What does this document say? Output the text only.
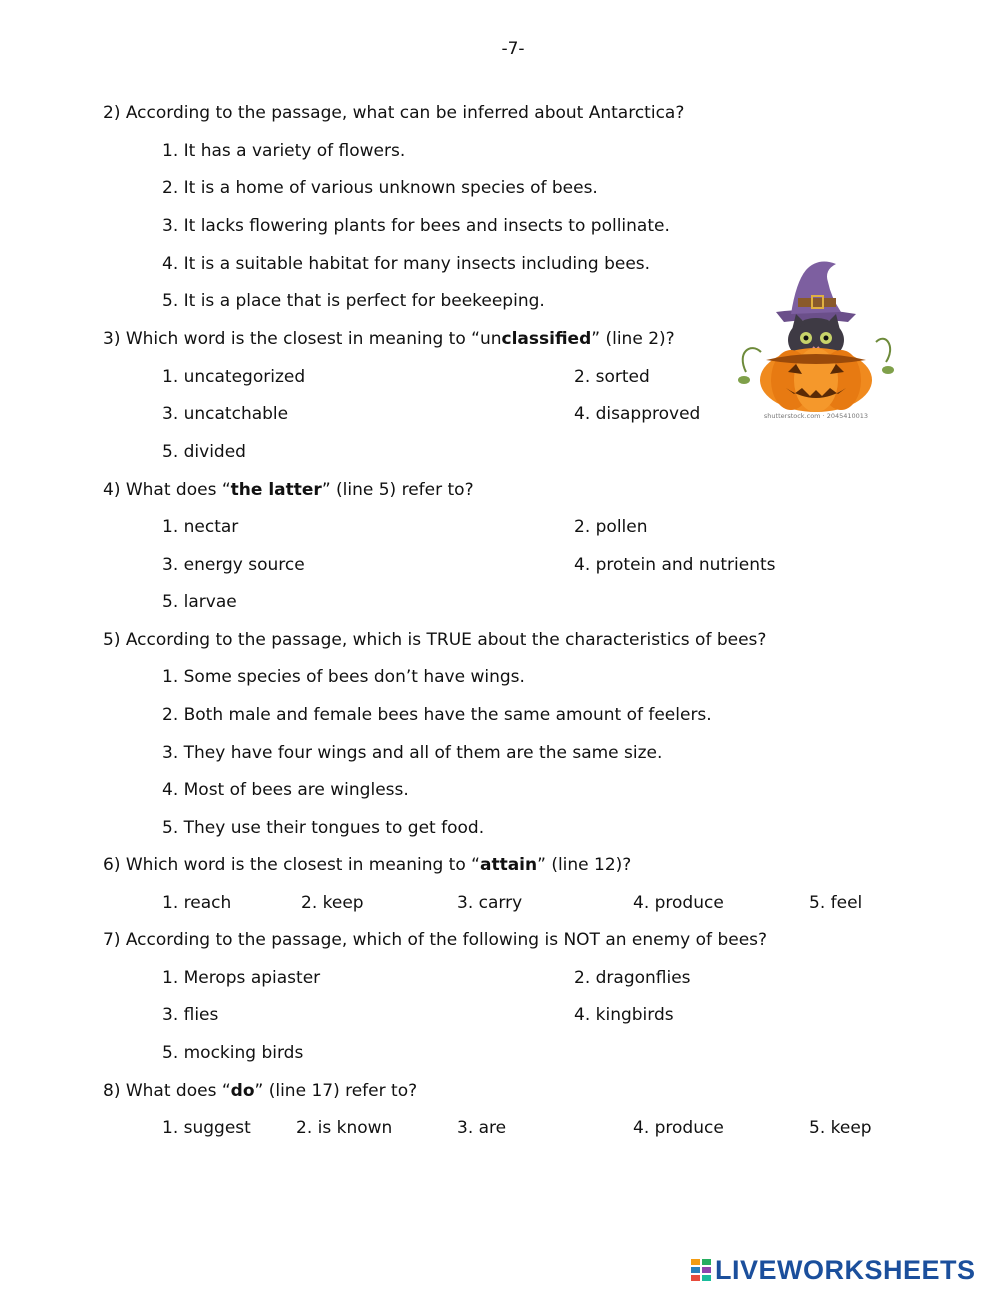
-7-
2) According to the passage, what can be inferred about Antarctica?
1. It has a variety of flowers.
2. It is a home of various unknown species of bees.
3. It lacks flowering plants for bees and insects to pollinate.
4. It is a suitable habitat for many insects including bees.
5. It is a place that is perfect for beekeeping.
3) Which word is the closest in meaning to “unclassified” (line 2)?
1. uncategorized	2. sorted
3. uncatchable	4. disapproved
5. divided
4) What does “the latter” (line 5) refer to?
1. nectar	2. pollen
3. energy source	4. protein and nutrients
5. larvae
5) According to the passage, which is TRUE about the characteristics of bees?
1. Some species of bees don’t have wings.
2. Both male and female bees have the same amount of feelers.
3. They have four wings and all of them are the same size.
4. Most of bees are wingless.
5. They use their tongues to get food.
6) Which word is the closest in meaning to “attain” (line 12)?
1. reach	2. keep	3. carry	4. produce	5. feel
7) According to the passage, which of the following is NOT an enemy of bees?
1. Merops apiaster	2. dragonflies
3. flies	4. kingbirds
5. mocking birds
8) What does “do” (line 17) refer to?
1. suggest	2. is known	3. are	4. produce	5. keep
shutterstock.com · 2045410013
LIVEWORKSHEETS
